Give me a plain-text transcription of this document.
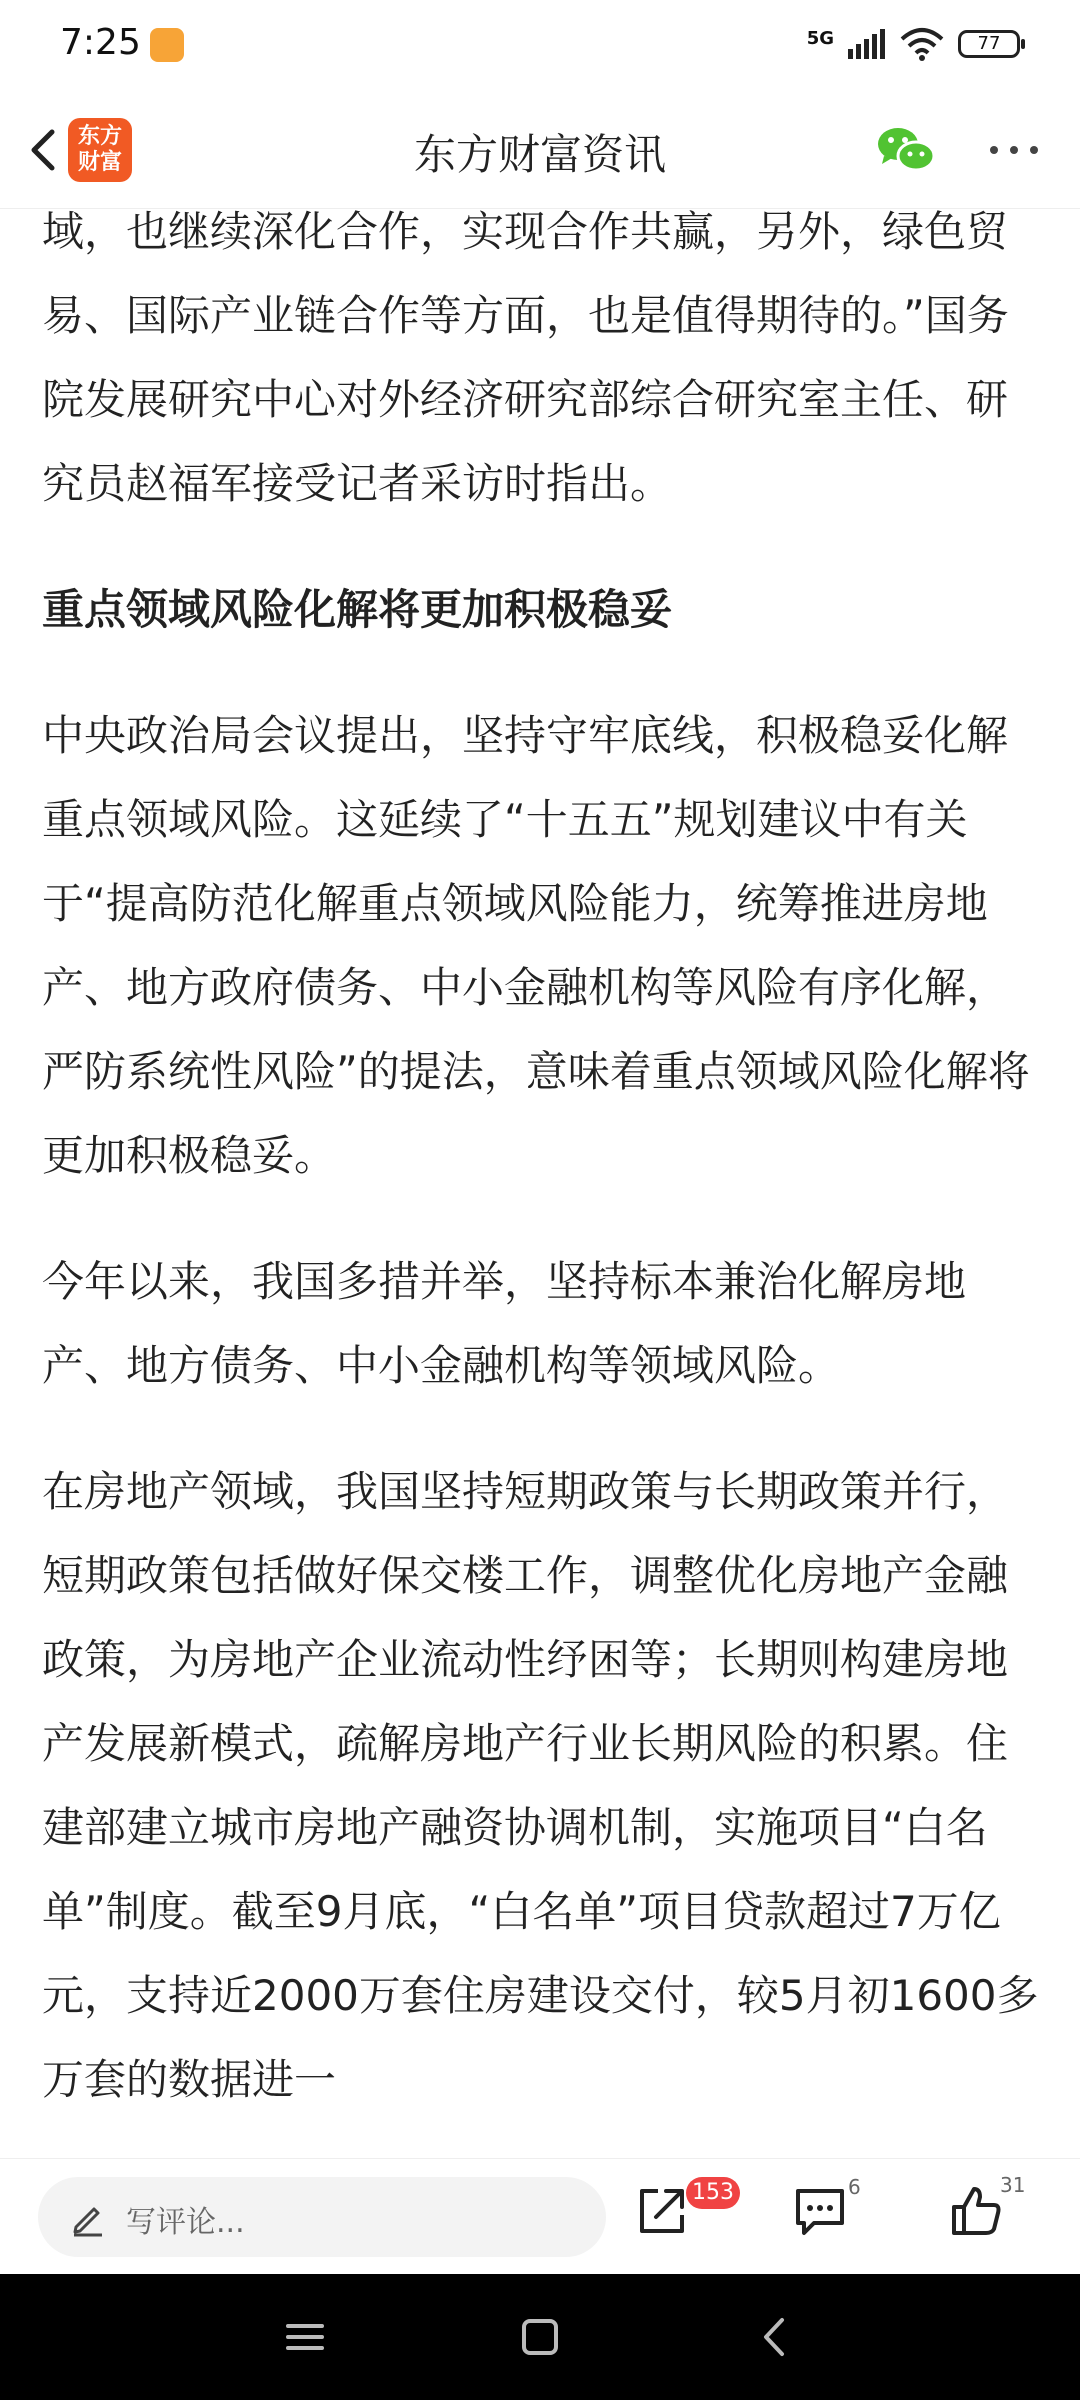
7:25	5G	77
东方
财富	东方财富资讯

域，也继续深化合作，实现合作共赢，另外，绿色贸易、国际产业链合作等方面，也是值得期待的。”国务院发展研究中心对外经济研究部综合研究室主任、研究员赵福军接受记者采访时指出。

重点领域风险化解将更加积极稳妥

中央政治局会议提出，坚持守牢底线，积极稳妥化解重点领域风险。这延续了“十五五”规划建议中有关于“提高防范化解重点领域风险能力，统筹推进房地产、地方政府债务、中小金融机构等风险有序化解，严防系统性风险”的提法，意味着重点领域风险化解将更加积极稳妥。

今年以来，我国多措并举，坚持标本兼治化解房地产、地方债务、中小金融机构等领域风险。

在房地产领域，我国坚持短期政策与长期政策并行，短期政策包括做好保交楼工作，调整优化房地产金融政策，为房地产企业流动性纾困等；长期则构建房地产发展新模式，疏解房地产行业长期风险的积累。住建部建立城市房地产融资协调机制，实施项目“白名单”制度。截至9月底，“白名单”项目贷款超过7万亿元，支持近2000万套住房建设交付，较5月初1600多万套的数据进一

写评论...
153	6	31
